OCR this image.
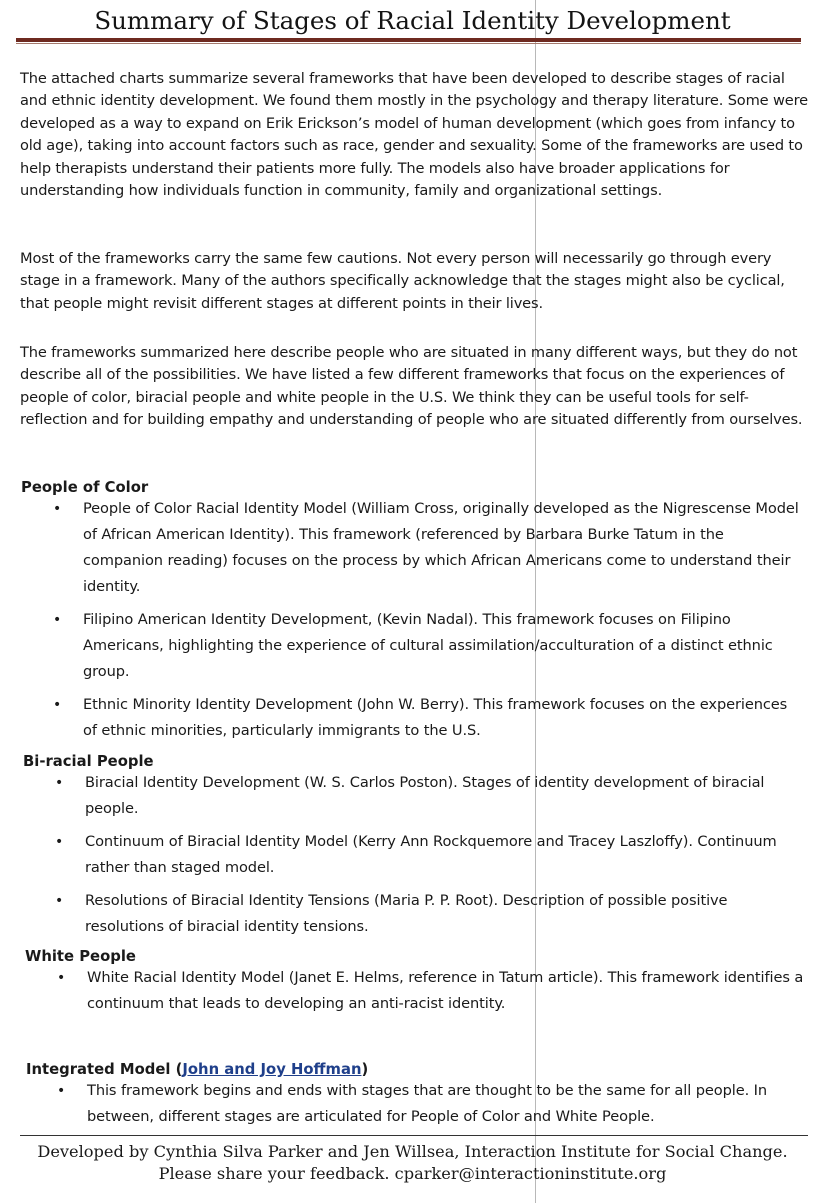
Summary of Stages of Racial Identity Development

The attached charts summarize several frameworks that have been developed to describe stages of racial and ethnic identity development. We found them mostly in the psychology and therapy literature. Some were developed as a way to expand on Erik Erickson’s model of human development (which goes from infancy to old age), taking into account factors such as race, gender and sexuality. Some of the frameworks are used to help therapists understand their patients more fully. The models also have broader applications for understanding how individuals function in community, family and organizational settings.

Most of the frameworks carry the same few cautions. Not every person will necessarily go through every stage in a framework. Many of the authors specifically acknowledge that the stages might also be cyclical, that people might revisit different stages at different points in their lives.

The frameworks summarized here describe people who are situated in many different ways, but they do not describe all of the possibilities. We have listed a few different frameworks that focus on the experiences of people of color, biracial people and white people in the U.S. We think they can be useful tools for self-reflection and for building empathy and understanding of people who are situated differently from ourselves.

People of Color
• People of Color Racial Identity Model (William Cross, originally developed as the Nigrescense Model of African American Identity). This framework (referenced by Barbara Burke Tatum in the companion reading) focuses on the process by which African Americans come to understand their identity.
• Filipino American Identity Development, (Kevin Nadal). This framework focuses on Filipino Americans, highlighting the experience of cultural assimilation/acculturation of a distinct ethnic group.
• Ethnic Minority Identity Development (John W. Berry). This framework focuses on the experiences of ethnic minorities, particularly immigrants to the U.S.
Bi-racial People
• Biracial Identity Development (W. S. Carlos Poston). Stages of identity development of biracial people.
• Continuum of Biracial Identity Model (Kerry Ann Rockquemore and Tracey Laszloffy). Continuum rather than staged model.
• Resolutions of Biracial Identity Tensions (Maria P. P. Root). Description of possible positive resolutions of biracial identity tensions.
White People
• White Racial Identity Model (Janet E. Helms, reference in Tatum article). This framework identifies a continuum that leads to developing an anti-racist identity.
Integrated Model (John and Joy Hoffman)
• This framework begins and ends with stages that are thought to be the same for all people. In between, different stages are articulated for People of Color and White People.
Developed by Cynthia Silva Parker and Jen Willsea, Interaction Institute for Social Change.
Please share your feedback. cparker@interactioninstitute.org
